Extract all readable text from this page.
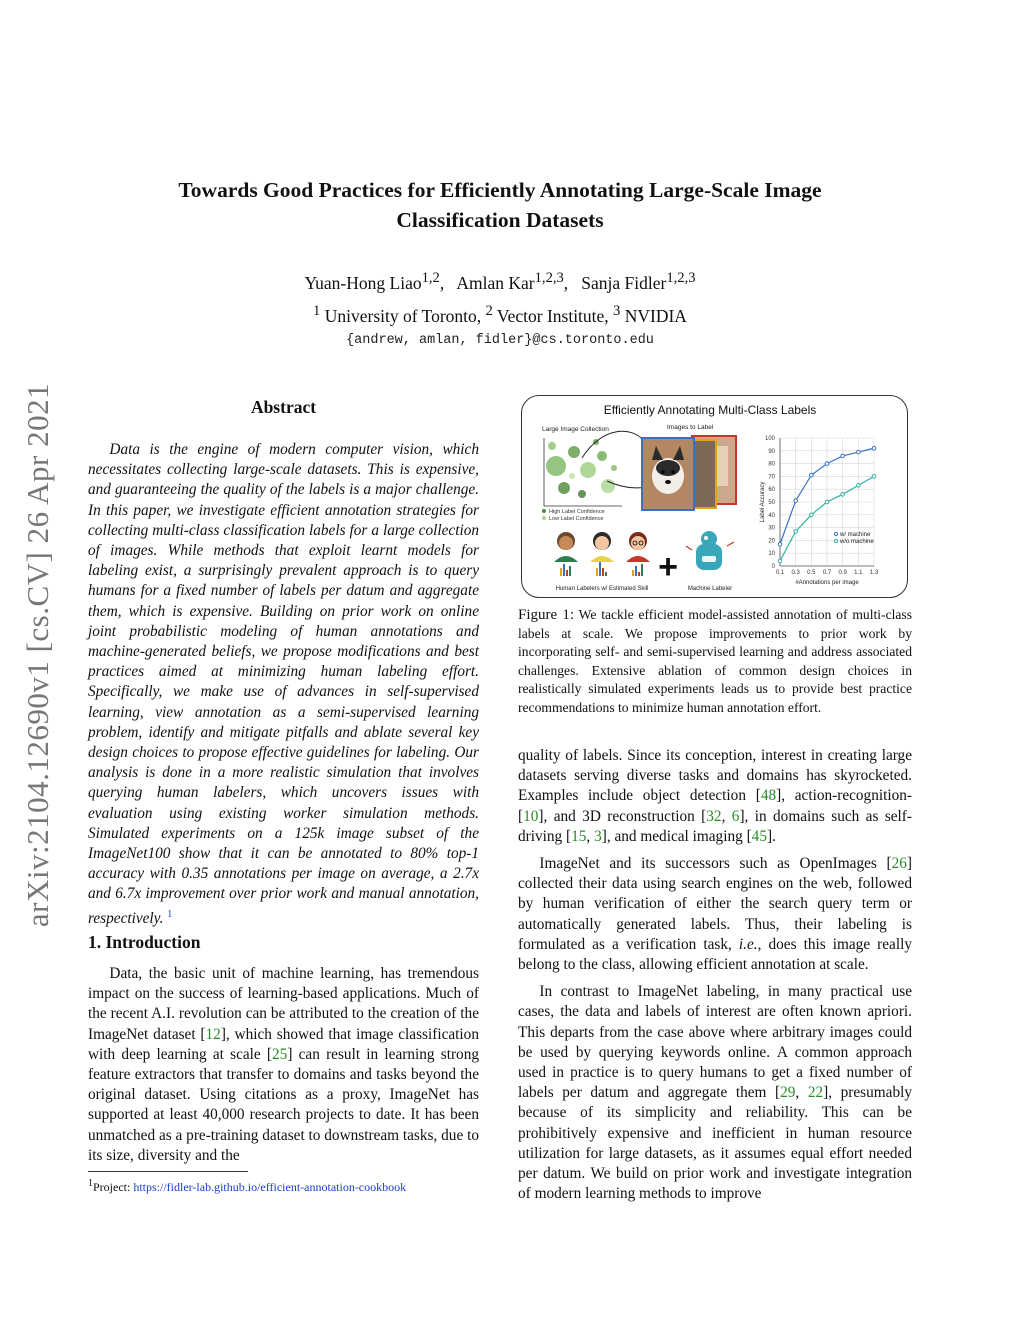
arXiv:2104.12690v1 [cs.CV] 26 Apr 2021
Towards Good Practices for Efficiently Annotating Large-Scale Image
Classification Datasets
Yuan-Hong Liao$^{1,2}$,   Amlan Kar$^{1,2,3}$,   Sanja Fidler$^{1,2,3}$
$^1$ University of Toronto, $^2$ Vector Institute, $^3$ NVIDIA
{andrew, amlan, fidler}@cs.toronto.edu
Abstract

Data is the engine of modern computer vision, which necessitates collecting large-scale datasets. This is expensive, and guaranteeing the quality of the labels is a major challenge. In this paper, we investigate efficient annotation strategies for collecting multi-class classification labels for a large collection of images. While methods that exploit learnt models for labeling exist, a surprisingly prevalent approach is to query humans for a fixed number of labels per datum and aggregate them, which is expensive. Building on prior work on online joint probabilistic modeling of human annotations and machine-generated beliefs, we propose modifications and best practices aimed at minimizing human labeling effort. Specifically, we make use of advances in self-supervised learning, view annotation as a semi-supervised learning problem, identify and mitigate pitfalls and ablate several key design choices to propose effective guidelines for labeling. Our analysis is done in a more realistic simulation that involves querying human labelers, which uncovers issues with evaluation using existing worker simulation methods. Simulated experiments on a 125k image subset of the ImageNet100 show that it can be annotated to 80% top-1 accuracy with 0.35 annotations per image on average, a 2.7x and 6.7x improvement over prior work and manual annotation, respectively. $^1$

1. Introduction

Data, the basic unit of machine learning, has tremendous impact on the success of learning-based applications. Much of the recent A.I. revolution can be attributed to the creation of the ImageNet dataset [12], which showed that image classification with deep learning at scale [25] can result in learning strong feature extractors that transfer to domains and tasks beyond the original dataset. Using citations as a proxy, ImageNet has supported at least 40,000 research projects to date. It has been unmatched as a pre-training dataset to downstream tasks, due to its size, diversity and the

$^1$Project: https://fidler-lab.github.io/efficient-annotation-cookbook
Efficiently Annotating Multi-Class Labels
Large Image Collection
High Label Confidence
Low Label Confidence
Images to Label
Human Labelers w/ Estimated Skill
+
Machine Labeler
0
10
20
30
40
50
60
70
80
90
100
0.1 0.3 0.5 0.7 0.9 1.1 1.3
#Annotations per image
Label Accuracy
w/ machine
w/o machine
Figure 1: We tackle efficient model-assisted annotation of multi-class labels at scale. We propose improvements to prior work by incorporating self- and semi-supervised learning and address associated challenges. Extensive ablation of common design choices in realistically simulated experiments leads us to provide best practice recommendations to minimize human annotation effort.

quality of labels. Since its conception, interest in creating large datasets serving diverse tasks and domains has skyrocketed. Examples include object detection [48], action-recognition- [10], and 3D reconstruction [32, 6], in domains such as self-driving [15, 3], and medical imaging [45].

ImageNet and its successors such as OpenImages [26] collected their data using search engines on the web, followed by human verification of either the search query term or automatically generated labels. Thus, their labeling is formulated as a verification task, i.e., does this image really belong to the class, allowing efficient annotation at scale.

In contrast to ImageNet labeling, in many practical use cases, the data and labels of interest are often known apriori. This departs from the case above where arbitrary images could be used by querying keywords online. A common approach used in practice is to query humans to get a fixed number of labels per datum and aggregate them [29, 22], presumably because of its simplicity and reliability. This can be prohibitively expensive and inefficient in human resource utilization for large datasets, as it assumes equal effort needed per datum. We build on prior work and investigate integration of modern learning methods to improve
